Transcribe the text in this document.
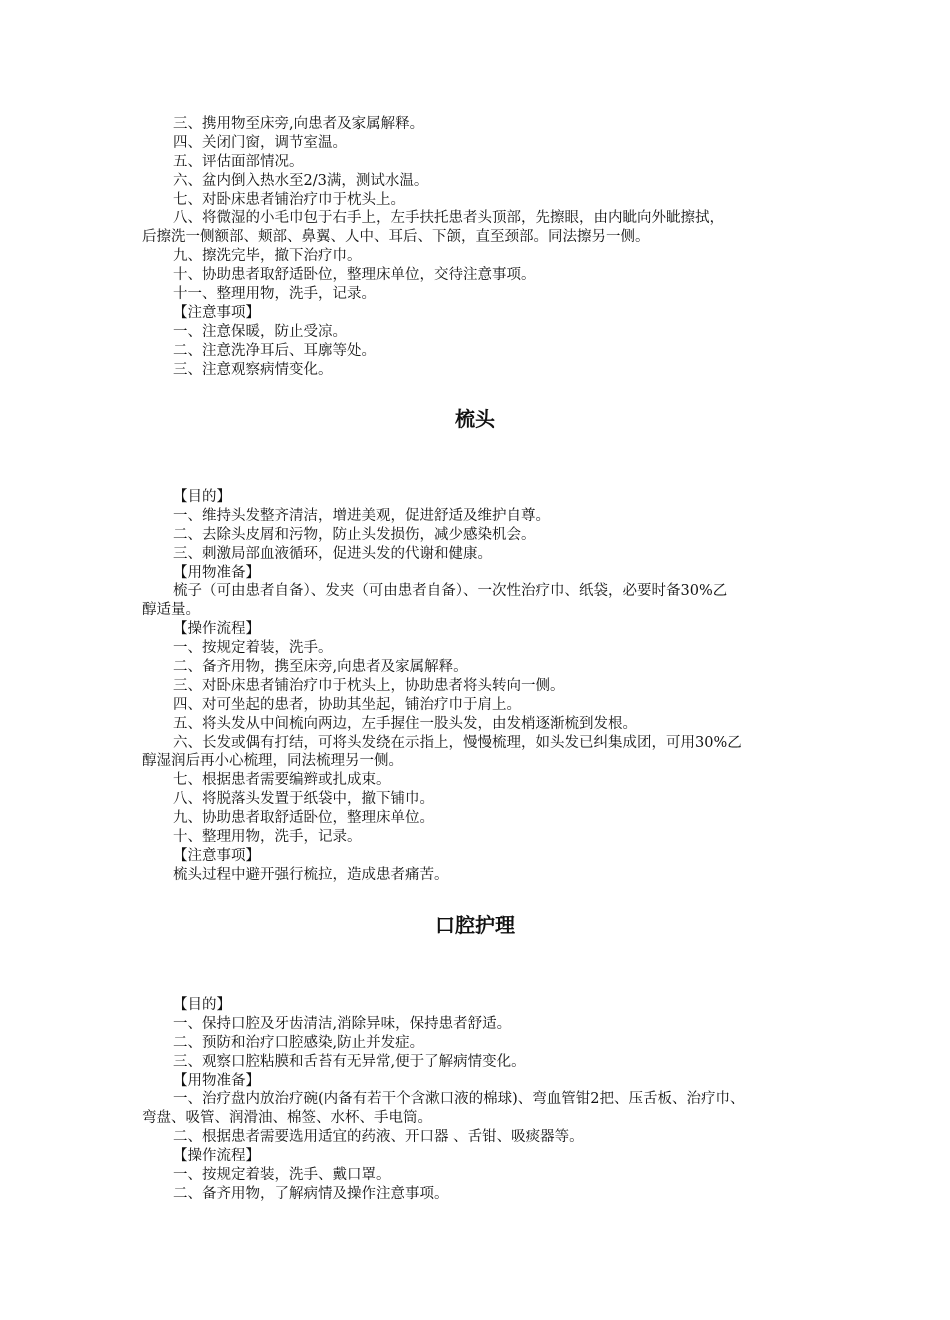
三、携用物至床旁,向患者及家属解释。
四、关闭门窗，调节室温。
五、评估面部情况。
六、盆内倒入热水至2/3满，测试水温。
七、对卧床患者铺治疗巾于枕头上。
八、将微湿的小毛巾包于右手上，左手扶托患者头顶部，先擦眼，由内眦向外眦擦拭，
后擦洗一侧额部、颊部、鼻翼、人中、耳后、下颌，直至颈部。同法擦另一侧。
九、擦洗完毕，撤下治疗巾。
十、协助患者取舒适卧位，整理床单位，交待注意事项。
十一、整理用物，洗手，记录。
【注意事项】
一、注意保暖，防止受凉。
二、注意洗净耳后、耳廓等处。
三、注意观察病情变化。
梳头
【目的】
一、维持头发整齐清洁，增进美观，促进舒适及维护自尊。
二、去除头皮屑和污物，防止头发损伤，减少感染机会。
三、刺激局部血液循环，促进头发的代谢和健康。
【用物准备】
梳子（可由患者自备）、发夹（可由患者自备）、一次性治疗巾、纸袋，必要时备30%乙
醇适量。
【操作流程】
一、按规定着装，洗手。
二、备齐用物，携至床旁,向患者及家属解释。
三、对卧床患者铺治疗巾于枕头上，协助患者将头转向一侧。
四、对可坐起的患者，协助其坐起，铺治疗巾于肩上。
五、将头发从中间梳向两边，左手握住一股头发，由发梢逐渐梳到发根。
六、长发或偶有打结，可将头发绕在示指上，慢慢梳理，如头发已纠集成团，可用30%乙
醇湿润后再小心梳理，同法梳理另一侧。
七、根据患者需要编辫或扎成束。
八、将脱落头发置于纸袋中，撤下铺巾。
九、协助患者取舒适卧位，整理床单位。
十、整理用物，洗手，记录。
【注意事项】
梳头过程中避开强行梳拉，造成患者痛苦。
口腔护理
【目的】
一、保持口腔及牙齿清洁,消除异味，保持患者舒适。
二、预防和治疗口腔感染,防止并发症。
三、观察口腔粘膜和舌苔有无异常,便于了解病情变化。
【用物准备】
一、治疗盘内放治疗碗(内备有若干个含漱口液的棉球)、弯血管钳2把、压舌板、治疗巾、
弯盘、吸管、润滑油、棉签、水杯、手电筒。
二、根据患者需要选用适宜的药液、开口器 、舌钳、吸痰器等。
【操作流程】
一、按规定着装，洗手、戴口罩。
二、备齐用物，了解病情及操作注意事项。
